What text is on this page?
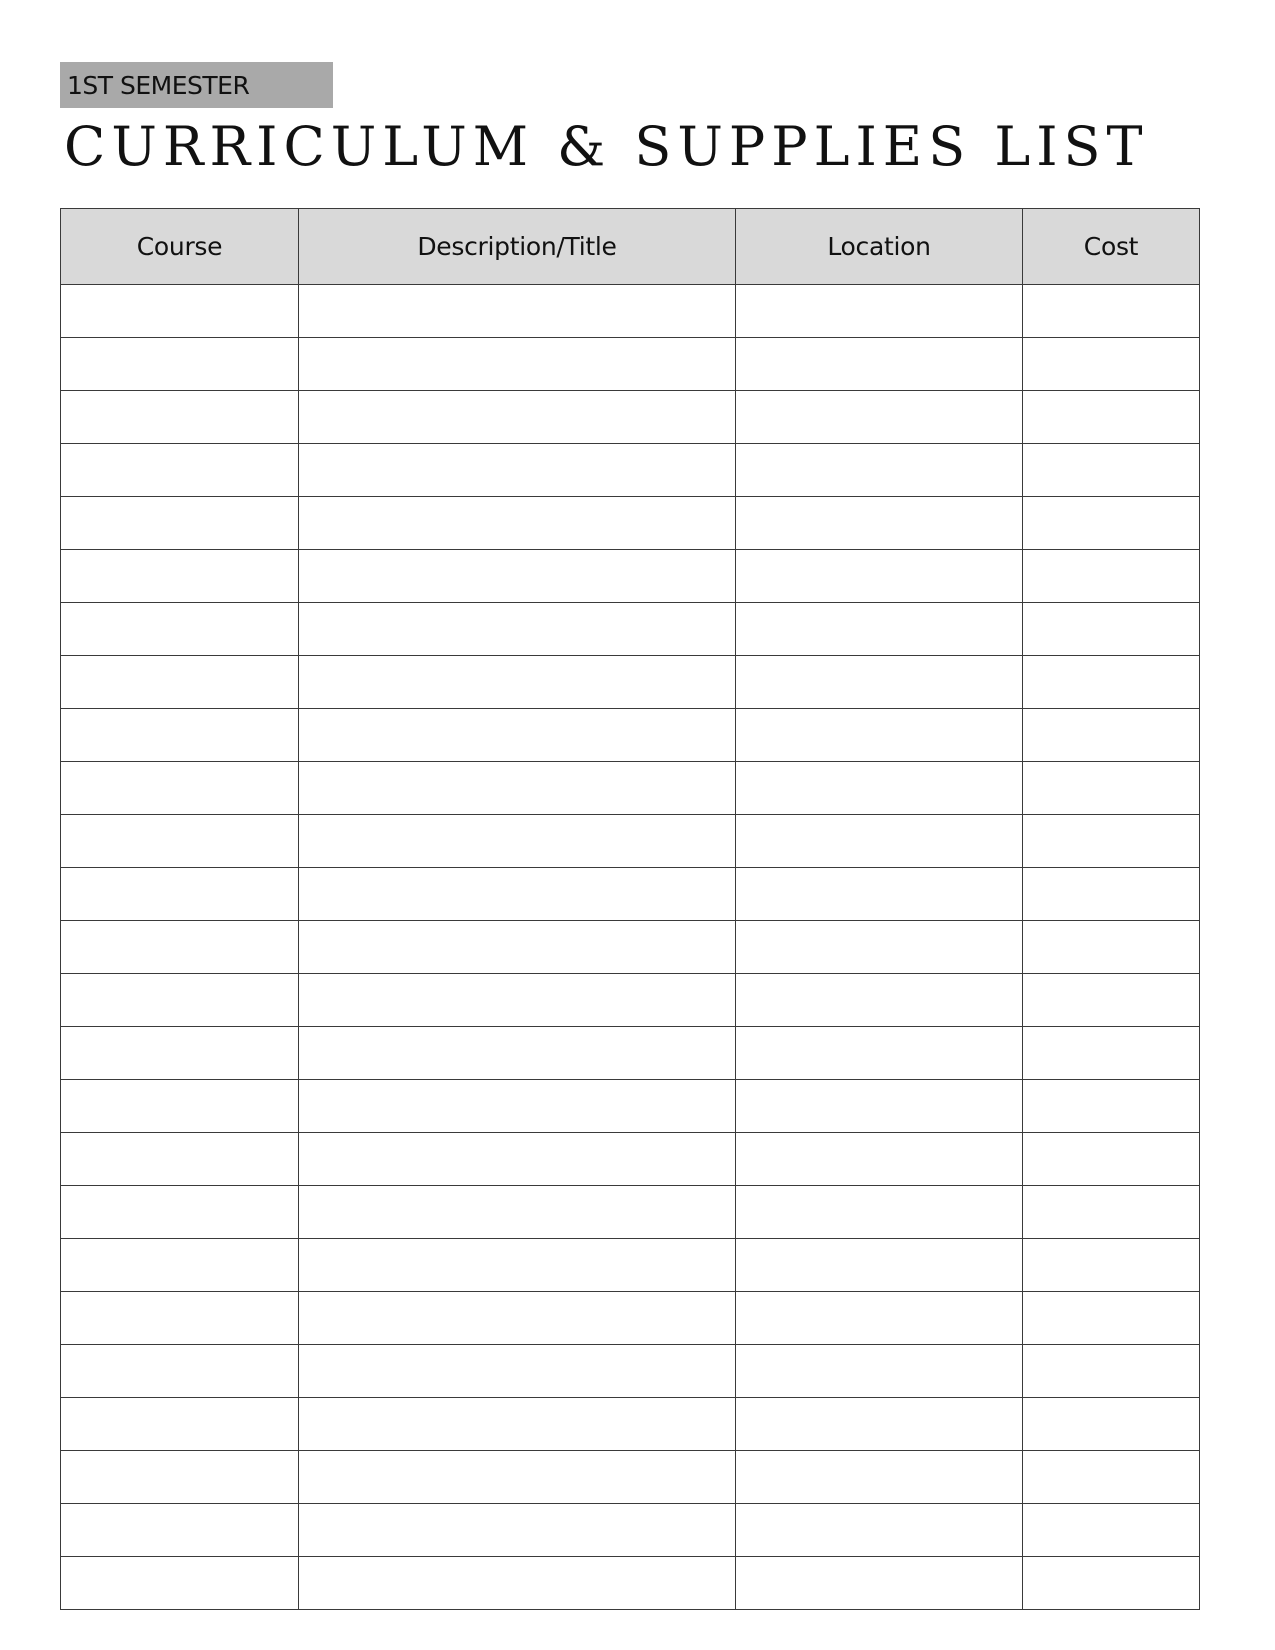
1ST SEMESTER
CURRICULUM & SUPPLIES LIST
Course	Description/Title	Location	Cost
